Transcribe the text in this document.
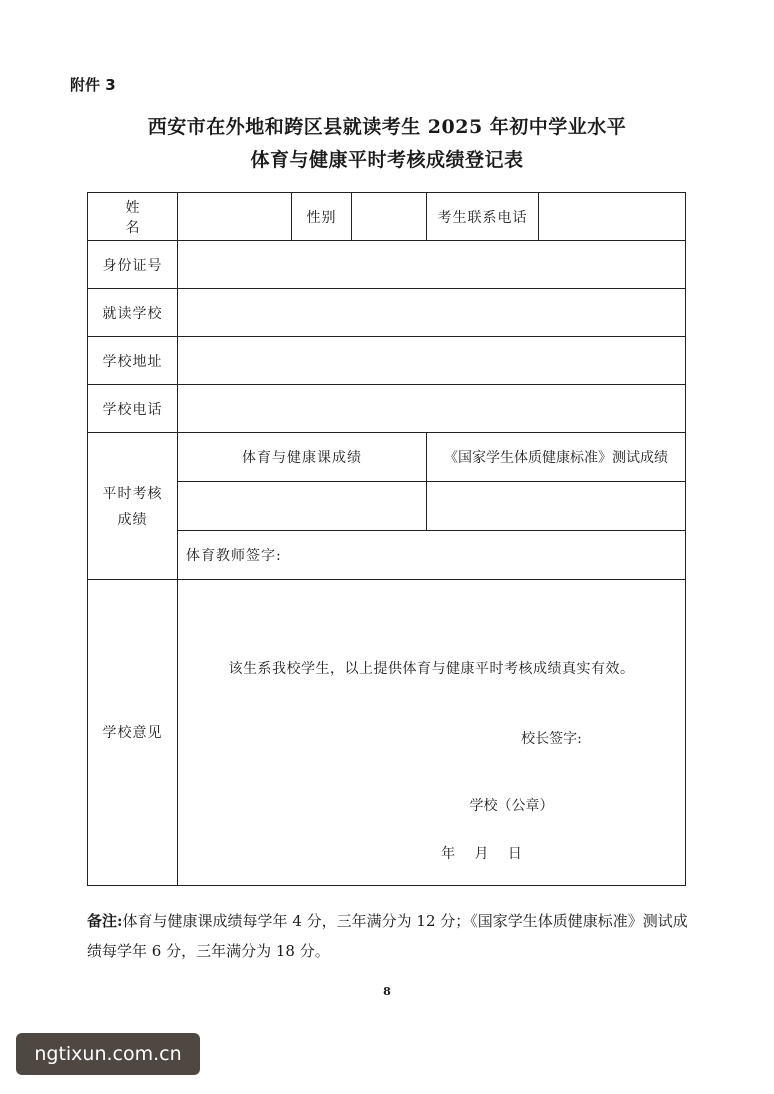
附件 3
西安市在外地和跨区县就读考生 2025 年初中学业水平
体育与健康平时考核成绩登记表
姓 名		性别		考生联系电话	
身份证号					
就读学校					
学校地址					
学校电话					

平时考核
成绩	体育与健康课成绩			《国家学生体质健康标准》测试成绩	

	体育教师签字:				
学校意见	该生系我校学生，以上提供体育与健康平时考核成绩真实有效。
校长签字:
学校（公章）
年   月   日				
备注:体育与健康课成绩每学年 4 分，三年满分为 12 分；《国家学生体质健康标准》测试成绩每学年 6 分，三年满分为 18 分。
8
ngtixun.com.cn
